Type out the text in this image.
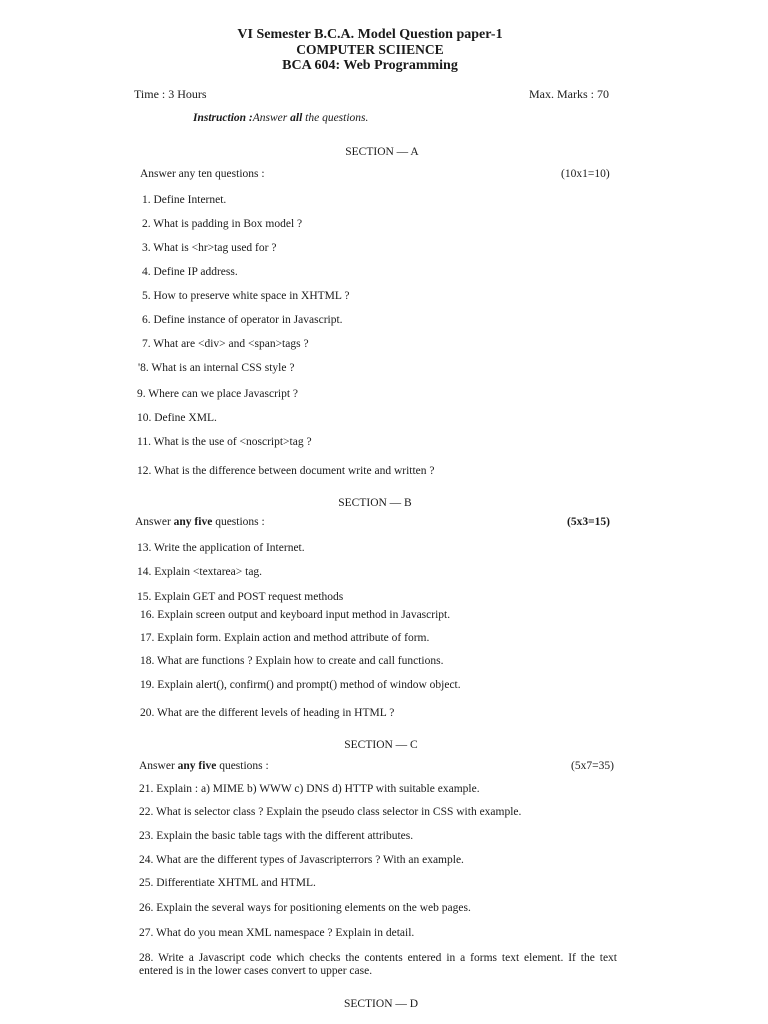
VI Semester B.C.A. Model Question paper-1
COMPUTER SCIIENCE
BCA 604: Web Programming
Time : 3 Hours	Max. Marks : 70
Instruction :Answer all the questions.
SECTION — A
Answer any ten questions :	(10x1=10)
1. Define Internet.
2. What is padding in Box model ?
3. What is <hr>tag used for ?
4. Define IP address.
5. How to preserve white space in XHTML ?
6. Define instance of operator in Javascript.
7. What are <div> and <span>tags ?
'8. What is an internal CSS style ?
9. Where can we place Javascript ?
10. Define XML.
11. What is the use of <noscript>tag ?
12. What is the difference between document write and written ?
SECTION — B
Answer any five questions :	(5x3=15)
13. Write the application of Internet.
14. Explain <textarea> tag.
15. Explain GET and POST request methods
16. Explain screen output and keyboard input method in Javascript.
17. Explain form. Explain action and method attribute of form.
18. What are functions ? Explain how to create and call functions.
19. Explain alert(), confirm() and prompt() method of window object.
20. What are the different levels of heading in HTML ?
SECTION — C
Answer any five questions :	(5x7=35)
21. Explain : a) MIME b) WWW c) DNS d) HTTP with suitable example.
22. What is selector class ? Explain the pseudo class selector in CSS with example.
23. Explain the basic table tags with the different attributes.
24. What are the different types of Javascripterrors ? With an example.
25. Differentiate XHTML and HTML.
26. Explain the several ways for positioning elements on the web pages.
27. What do you mean XML namespace ? Explain in detail.
28. Write a Javascript code which checks the contents entered in a forms text element. If the text entered is in the lower cases convert to upper case.
SECTION — D
